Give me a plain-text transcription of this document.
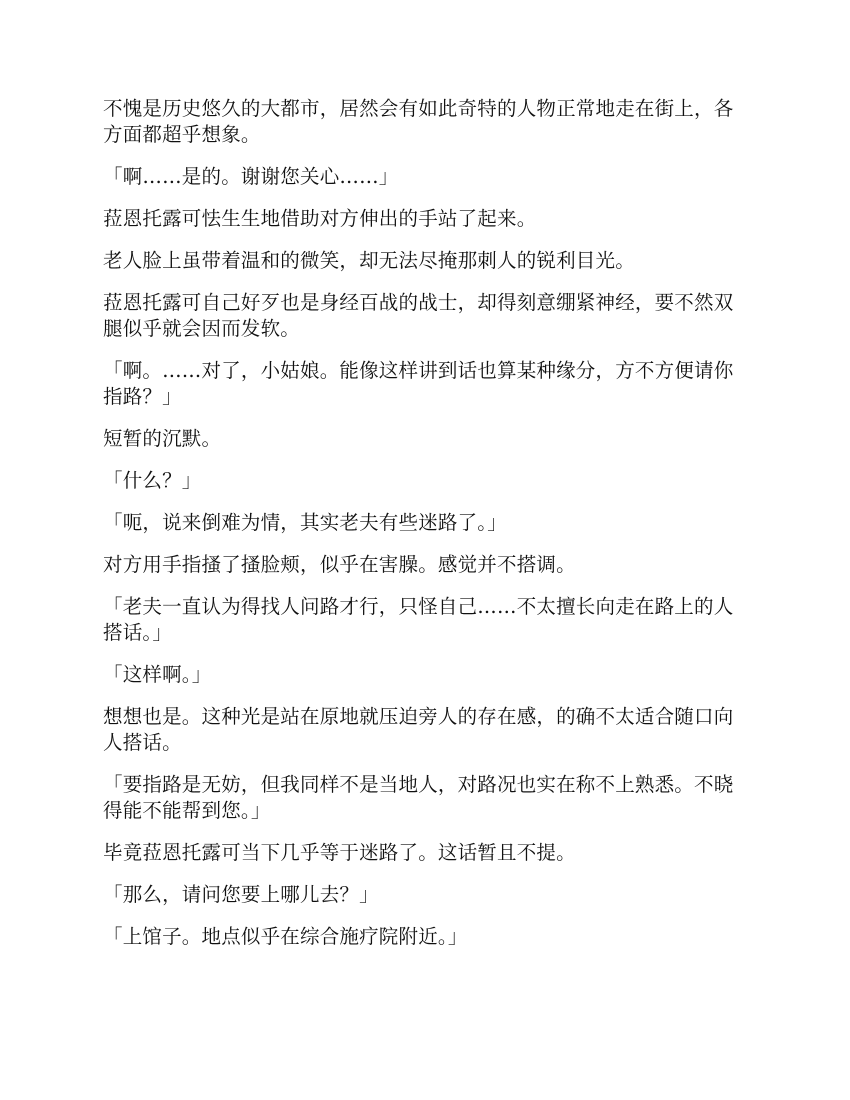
不愧是历史悠久的大都市，居然会有如此奇特的人物正常地走在街上，各方面都超乎想象。

「啊……是的。谢谢您关心……」

菈恩托露可怯生生地借助对方伸出的手站了起来。

老人脸上虽带着温和的微笑，却无法尽掩那刺人的锐利目光。

菈恩托露可自己好歹也是身经百战的战士，却得刻意绷紧神经，要不然双腿似乎就会因而发软。

「啊。……对了，小姑娘。能像这样讲到话也算某种缘分，方不方便请你指路？」

短暂的沉默。

「什么？」

「呃，说来倒难为情，其实老夫有些迷路了。」

对方用手指搔了搔脸颊，似乎在害臊。感觉并不搭调。

「老夫一直认为得找人问路才行，只怪自己……不太擅长向走在路上的人搭话。」

「这样啊。」

想想也是。这种光是站在原地就压迫旁人的存在感，的确不太适合随口向人搭话。

「要指路是无妨，但我同样不是当地人，对路况也实在称不上熟悉。不晓得能不能帮到您。」

毕竟菈恩托露可当下几乎等于迷路了。这话暂且不提。

「那么，请问您要上哪儿去？」

「上馆子。地点似乎在综合施疗院附近。」
